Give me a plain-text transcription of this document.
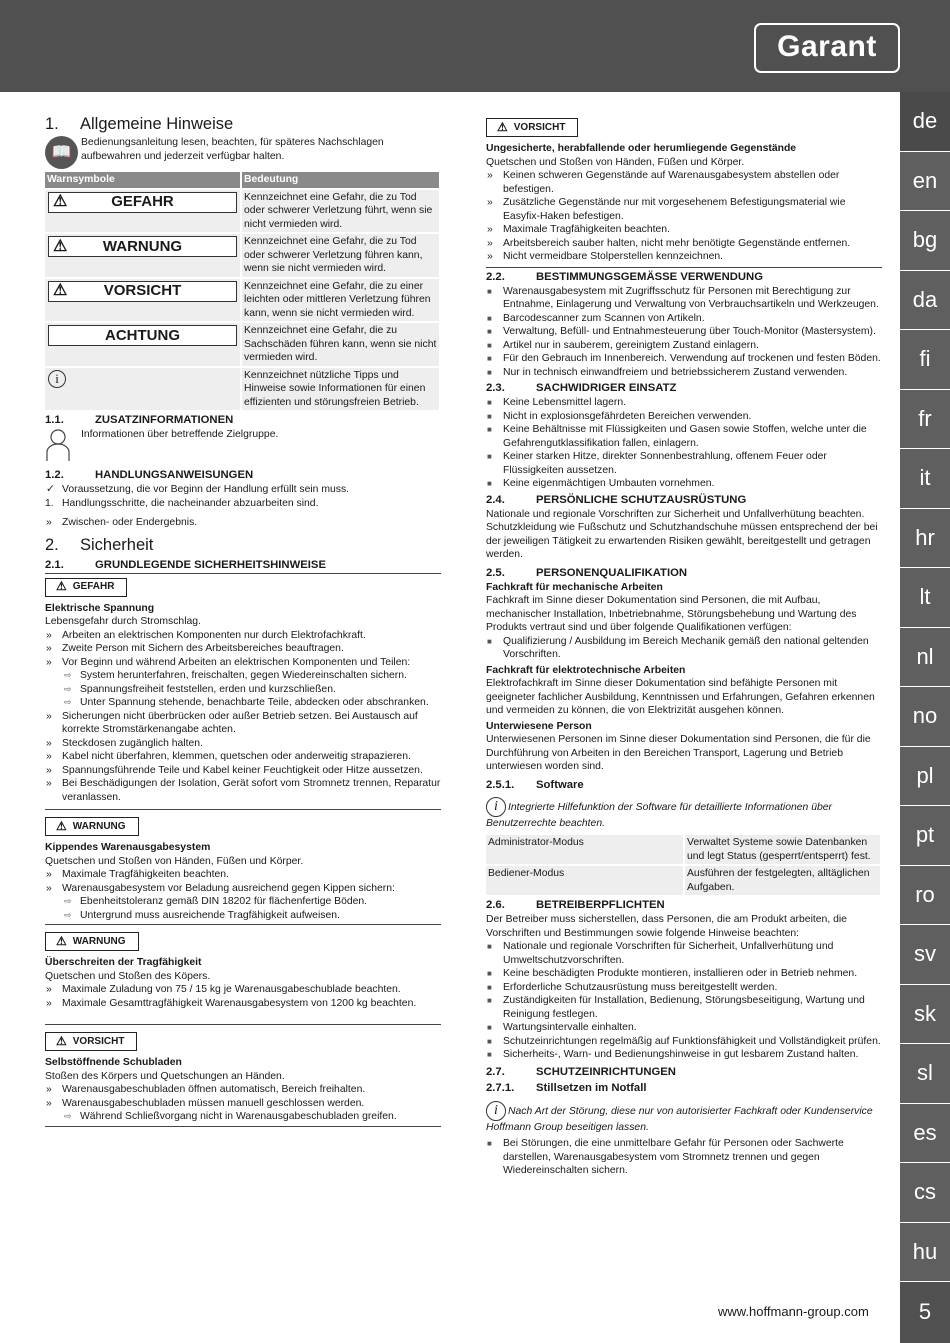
Garant
de
en
bg
da
fi
fr
it
hr
lt
nl
no
pl
pt
ro
sv
sk
sl
es
cs
hu
5
www.hoffmann-group.com
1. Allgemeine Hinweise
📖
Bedienungsanleitung lesen, beachten, für späteres Nachschlagen aufbewahren und jederzeit verfügbar halten.
Warnsymbole	Bedeutung

⚠ GEFAHR	Kennzeichnet eine Gefahr, die zu Tod oder schwerer Verletzung führt, wenn sie nicht vermieden wird.

⚠ WARNUNG	Kennzeichnet eine Gefahr, die zu Tod oder schwerer Verletzung führen kann, wenn sie nicht vermieden wird.

⚠ VORSICHT	Kennzeichnet eine Gefahr, die zu einer leichten oder mittleren Verletzung führen kann, wenn sie nicht vermieden wird.

ACHTUNG	Kennzeichnet eine Gefahr, die zu Sachschäden führen kann, wenn sie nicht vermieden wird.
i	Kennzeichnet nützliche Tipps und Hinweise sowie Informationen für einen effizienten und störungsfreien Betrieb.
1.1.	ZUSATZINFORMATIONEN
Informationen über betreffende Zielgruppe.
1.2.	HANDLUNGSANWEISUNGEN
✓ Voraussetzung, die vor Beginn der Handlung erfüllt sein muss.
1. Handlungsschritte, die nacheinander abzuarbeiten sind.
» Zwischen- oder Endergebnis.
2. Sicherheit
2.1.	GRUNDLEGENDE SICHERHEITSHINWEISE
⚠ GEFAHR
Elektrische Spannung
Lebensgefahr durch Stromschlag.
» Arbeiten an elektrischen Komponenten nur durch Elektrofachkraft.
» Zweite Person mit Sichern des Arbeitsbereiches beauftragen.
» Vor Beginn und während Arbeiten an elektrischen Komponenten und Teilen:
⇨ System herunterfahren, freischalten, gegen Wiedereinschalten sichern.
⇨ Spannungsfreiheit feststellen, erden und kurzschließen.
⇨ Unter Spannung stehende, benachbarte Teile, abdecken oder abschranken.
» Sicherungen nicht überbrücken oder außer Betrieb setzen. Bei Austausch auf korrekte Stromstärkenangabe achten.
» Steckdosen zugänglich halten.
» Kabel nicht überfahren, klemmen, quetschen oder anderweitig strapazieren.
» Spannungsführende Teile und Kabel keiner Feuchtigkeit oder Hitze aussetzen.
» Bei Beschädigungen der Isolation, Gerät sofort vom Stromnetz trennen, Reparatur veranlassen.
⚠ WARNUNG
Kippendes Warenausgabesystem
Quetschen und Stoßen von Händen, Füßen und Körper.
» Maximale Tragfähigkeiten beachten.
» Warenausgabesystem vor Beladung ausreichend gegen Kippen sichern:
⇨ Ebenheitstoleranz gemäß DIN 18202 für flächenfertige Böden.
⇨ Untergrund muss ausreichende Tragfähigkeit aufweisen.
⚠ WARNUNG
Überschreiten der Tragfähigkeit
Quetschen und Stoßen des Köpers.
» Maximale Zuladung von 75 / 15 kg je Warenausgabeschublade beachten.
» Maximale Gesamttragfähigkeit Warenausgabesystem von 1200 kg beachten.
⚠ VORSICHT
Selbstöffnende Schubladen
Stoßen des Körpers und Quetschungen an Händen.
» Warenausgabeschubladen öffnen automatisch, Bereich freihalten.
» Warenausgabeschubladen müssen manuell geschlossen werden.
⇨ Während Schließvorgang nicht in Warenausgabeschubladen greifen.
⚠ VORSICHT
Ungesicherte, herabfallende oder herumliegende Gegenstände
Quetschen und Stoßen von Händen, Füßen und Körper.
» Keinen schweren Gegenstände auf Warenausgabesystem abstellen oder befestigen.
» Zusätzliche Gegenstände nur mit vorgesehenem Befestigungsmaterial wie Easyfix-Haken befestigen.
» Maximale Tragfähigkeiten beachten.
» Arbeitsbereich sauber halten, nicht mehr benötigte Gegenstände entfernen.
» Nicht vermeidbare Stolperstellen kennzeichnen.
2.2.	BESTIMMUNGSGEMÄSSE VERWENDUNG
■ Warenausgabesystem mit Zugriffsschutz für Personen mit Berechtigung zur Entnahme, Einlagerung und Verwaltung von Verbrauchsartikeln und Werkzeugen.
■ Barcodescanner zum Scannen von Artikeln.
■ Verwaltung, Befüll- und Entnahmesteuerung über Touch-Monitor (Mastersystem).
■ Artikel nur in sauberem, gereinigtem Zustand einlagern.
■ Für den Gebrauch im Innenbereich. Verwendung auf trockenen und festen Böden.
■ Nur in technisch einwandfreiem und betriebssicherem Zustand verwenden.
2.3.	SACHWIDRIGER EINSATZ
■ Keine Lebensmittel lagern.
■ Nicht in explosionsgefährdeten Bereichen verwenden.
■ Keine Behältnisse mit Flüssigkeiten und Gasen sowie Stoffen, welche unter die Gefahrengutklassifikation fallen, einlagern.
■ Keiner starken Hitze, direkter Sonnenbestrahlung, offenem Feuer oder Flüssigkeiten aussetzen.
■ Keine eigenmächtigen Umbauten vornehmen.
2.4.	PERSÖNLICHE SCHUTZAUSRÜSTUNG
Nationale und regionale Vorschriften zur Sicherheit und Unfallverhütung beachten. Schutzkleidung wie Fußschutz und Schutzhandschuhe müssen entsprechend der bei der jeweiligen Tätigkeit zu erwartenden Risiken gewählt, bereitgestellt und getragen werden.
2.5.	PERSONENQUALIFIKATION
Fachkraft für mechanische Arbeiten
Fachkraft im Sinne dieser Dokumentation sind Personen, die mit Aufbau, mechanischer Installation, Inbetriebnahme, Störungsbehebung und Wartung des Produkts vertraut sind und über folgende Qualifikationen verfügen:
■ Qualifizierung / Ausbildung im Bereich Mechanik gemäß den national geltenden Vorschriften.
Fachkraft für elektrotechnische Arbeiten
Elektrofachkraft im Sinne dieser Dokumentation sind befähigte Personen mit geeigneter fachlicher Ausbildung, Kenntnissen und Erfahrungen, Gefahren erkennen und vermeiden zu können, die von Elektrizität ausgehen können.
Unterwiesene Person
Unterwiesenen Personen im Sinne dieser Dokumentation sind Personen, die für die Durchführung von Arbeiten in den Bereichen Transport, Lagerung und Betrieb unterwiesen worden sind.
2.5.1. Software
i Integrierte Hilfefunktion der Software für detaillierte Informationen über Benutzerrechte beachten.
Administrator-Modus	Verwaltet Systeme sowie Datenbanken und legt Status (gesperrt/entsperrt) fest.
Bediener-Modus	Ausführen der festgelegten, alltäglichen Aufgaben.
2.6.	BETREIBERPFLICHTEN
Der Betreiber muss sicherstellen, dass Personen, die am Produkt arbeiten, die Vorschriften und Bestimmungen sowie folgende Hinweise beachten:
■ Nationale und regionale Vorschriften für Sicherheit, Unfallverhütung und Umweltschutzvorschriften.
■ Keine beschädigten Produkte montieren, installieren oder in Betrieb nehmen.
■ Erforderliche Schutzausrüstung muss bereitgestellt werden.
■ Zuständigkeiten für Installation, Bedienung, Störungsbeseitigung, Wartung und Reinigung festlegen.
■ Wartungsintervalle einhalten.
■ Schutzeinrichtungen regelmäßig auf Funktionsfähigkeit und Vollständigkeit prüfen.
■ Sicherheits-, Warn- und Bedienungshinweise in gut lesbarem Zustand halten.
2.7.	SCHUTZEINRICHTUNGEN
2.7.1. Stillsetzen im Notfall
i Nach Art der Störung, diese nur von autorisierter Fachkraft oder Kundenservice Hoffmann Group beseitigen lassen.
■ Bei Störungen, die eine unmittelbare Gefahr für Personen oder Sachwerte darstellen, Warenausgabesystem vom Stromnetz trennen und gegen Wiedereinschalten sichern.
